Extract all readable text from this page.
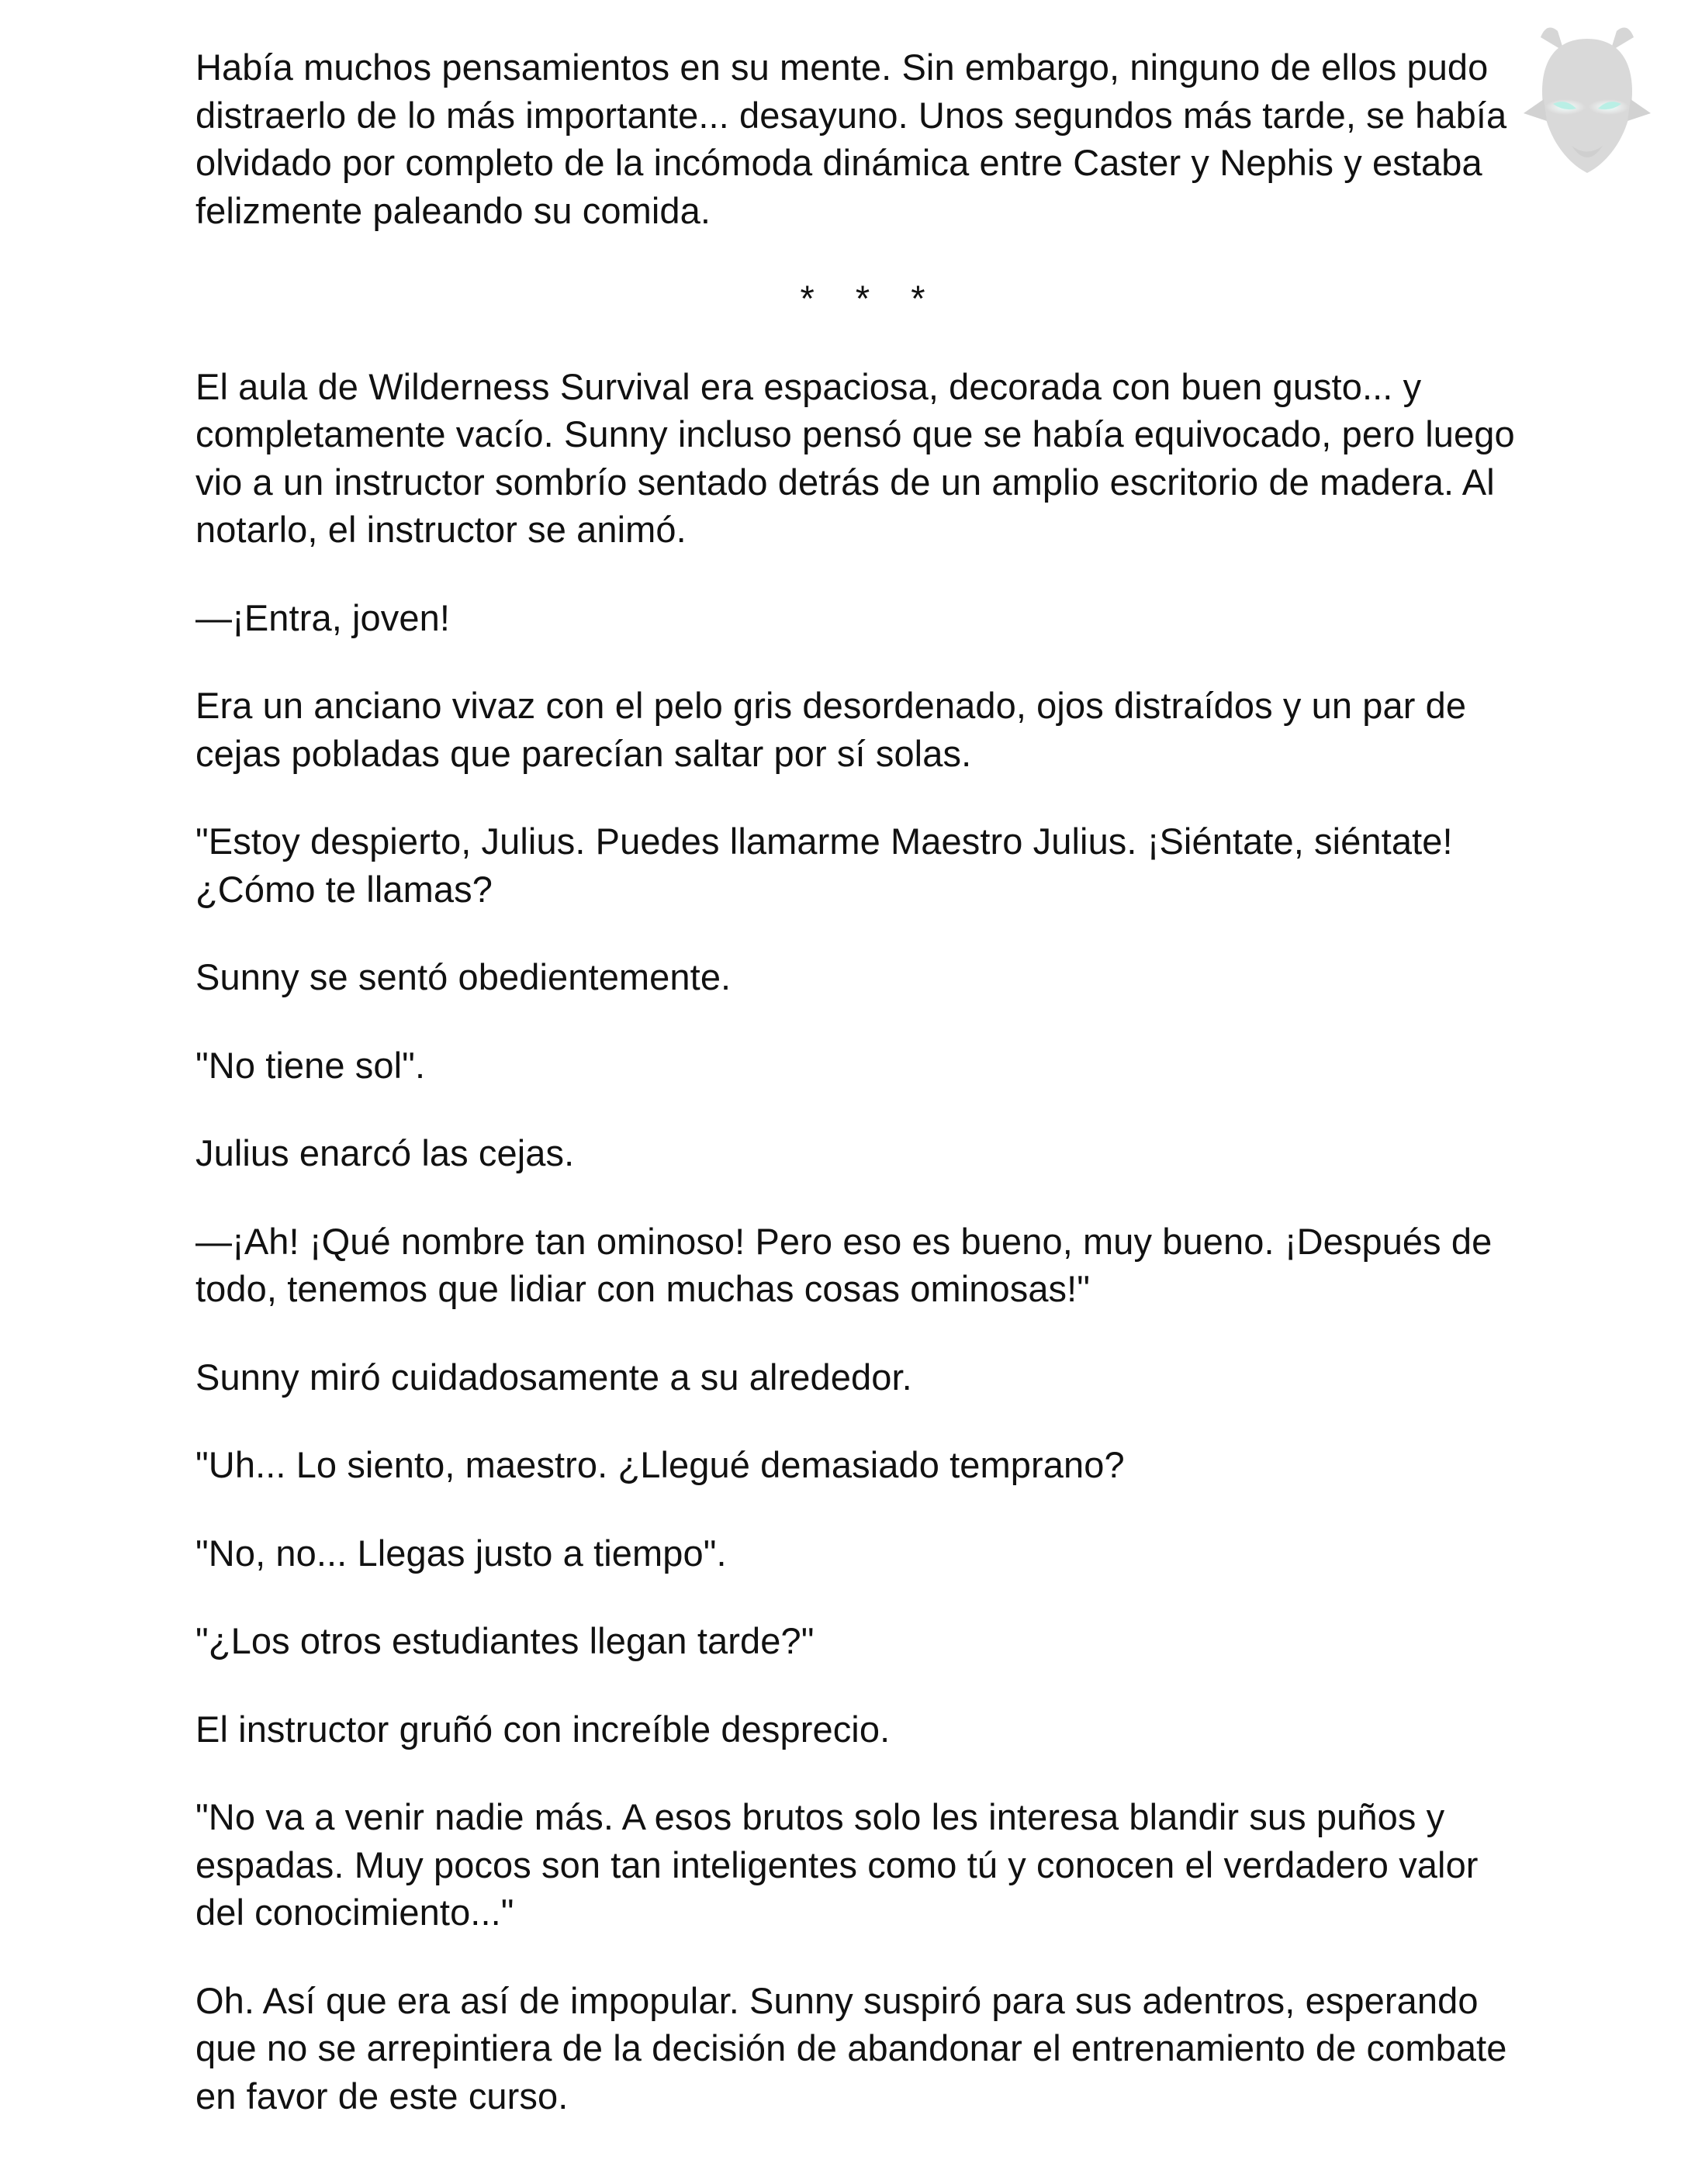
Había muchos pensamientos en su mente. Sin embargo, ninguno de ellos pudo distraerlo de lo más importante... desayuno. Unos segundos más tarde, se había olvidado por completo de la incómoda dinámica entre Caster y Nephis y estaba felizmente paleando su comida.

* * *

El aula de Wilderness Survival era espaciosa, decorada con buen gusto... y completamente vacío. Sunny incluso pensó que se había equivocado, pero luego vio a un instructor sombrío sentado detrás de un amplio escritorio de madera. Al notarlo, el instructor se animó.

—¡Entra, joven!

Era un anciano vivaz con el pelo gris desordenado, ojos distraídos y un par de cejas pobladas que parecían saltar por sí solas.

"Estoy despierto, Julius. Puedes llamarme Maestro Julius. ¡Siéntate, siéntate! ¿Cómo te llamas?

Sunny se sentó obedientemente.

"No tiene sol".

Julius enarcó las cejas.

—¡Ah! ¡Qué nombre tan ominoso! Pero eso es bueno, muy bueno. ¡Después de todo, tenemos que lidiar con muchas cosas ominosas!"

Sunny miró cuidadosamente a su alrededor.

"Uh... Lo siento, maestro. ¿Llegué demasiado temprano?

"No, no... Llegas justo a tiempo".

"¿Los otros estudiantes llegan tarde?"

El instructor gruñó con increíble desprecio.

"No va a venir nadie más. A esos brutos solo les interesa blandir sus puños y espadas. Muy pocos son tan inteligentes como tú y conocen el verdadero valor del conocimiento..."

Oh. Así que era así de impopular. Sunny suspiró para sus adentros, esperando que no se arrepintiera de la decisión de abandonar el entrenamiento de combate en favor de este curso.
